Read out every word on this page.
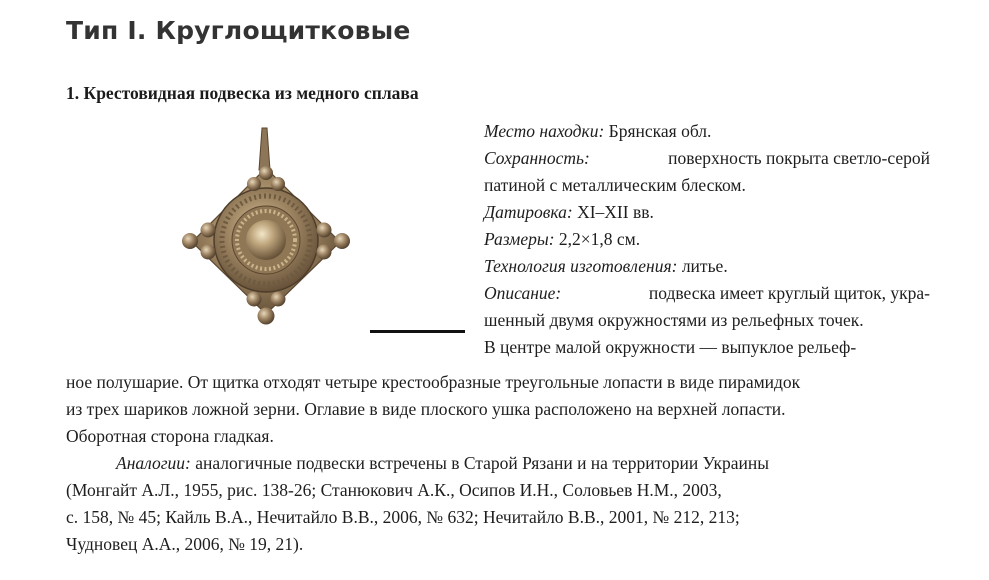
Тип I. Круглощитковые
1. Крестовидная подвеска из медного сплава
Место находки:
Брянская обл.
Сохранность:	поверхность покрыта светло-серой
патиной с металлическим блеском.
Датировка:
XI–XII вв.
Размеры:
2,2×1,8 см.
Технология изготовления:
литье.
Описание:	подвеска имеет круглый щиток, укра-
шенный двумя окружностями из рельефных точек.
В центре малой окружности — выпуклое рельеф-
ное полушарие. От щитка отходят четыре крестообразные треугольные лопасти в виде пирамидок
из трех шариков ложной зерни. Оглавие в виде плоского ушка расположено на верхней лопасти.
Оборотная сторона гладкая.
Аналогии:
аналогичные подвески встречены в Старой Рязани и на территории Украины
(Монгайт А.Л., 1955, рис. 138-26; Станюкович А.К., Осипов И.Н., Соловьев Н.М., 2003,
с. 158, № 45; Кайль В.А., Нечитайло В.В., 2006, № 632; Нечитайло В.В., 2001, № 212, 213;
Чудновец А.А., 2006, № 19, 21).
